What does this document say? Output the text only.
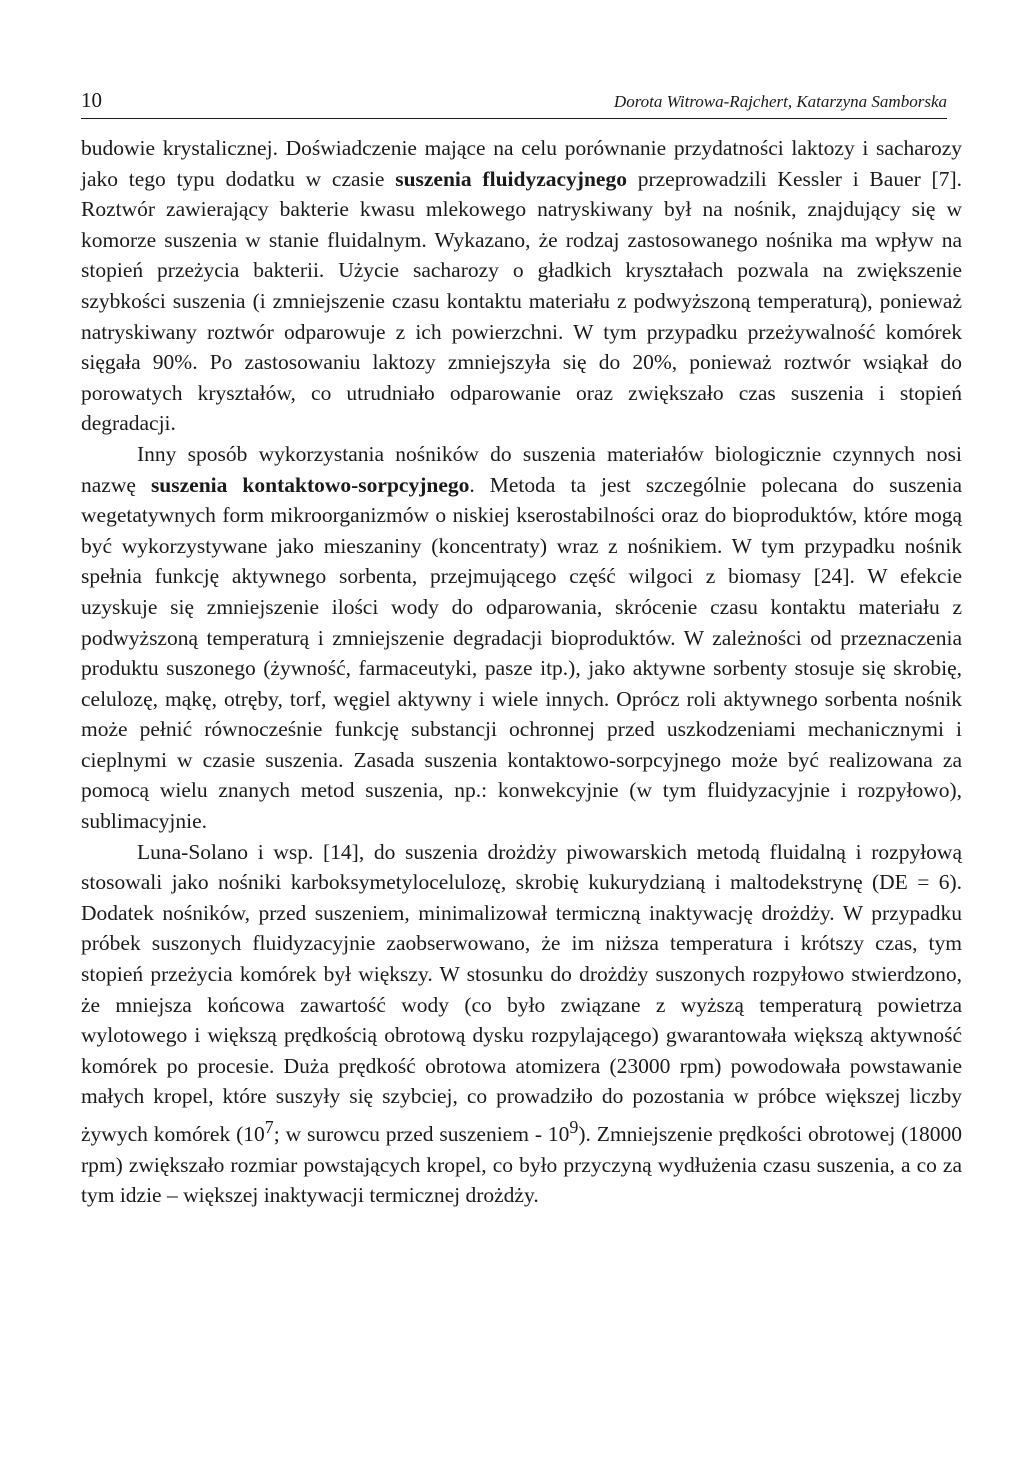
10	Dorota Witrowa-Rajchert, Katarzyna Samborska

budowie krystalicznej. Doświadczenie mające na celu porównanie przydatności laktozy i sacharozy jako tego typu dodatku w czasie suszenia fluidyzacyjnego przeprowadzili Kessler i Bauer [7]. Roztwór zawierający bakterie kwasu mlekowego natryskiwany był na nośnik, znajdujący się w komorze suszenia w stanie fluidalnym. Wykazano, że rodzaj zastosowanego nośnika ma wpływ na stopień przeżycia bakterii. Użycie sacharozy o gładkich kryształach pozwala na zwiększenie szybkości suszenia (i zmniejszenie czasu kontaktu materiału z podwyższoną temperaturą), ponieważ natryskiwany roztwór odparowuje z ich powierzchni. W tym przypadku przeżywalność komórek sięgała 90%. Po zastosowaniu laktozy zmniejszyła się do 20%, ponieważ roztwór wsiąkał do porowatych kryształów, co utrudniało odparowanie oraz zwiększało czas suszenia i stopień degradacji.

Inny sposób wykorzystania nośników do suszenia materiałów biologicznie czynnych nosi nazwę suszenia kontaktowo-sorpcyjnego. Metoda ta jest szczególnie polecana do suszenia wegetatywnych form mikroorganizmów o niskiej kserostabilności oraz do bioproduktów, które mogą być wykorzystywane jako mieszaniny (koncentraty) wraz z nośnikiem. W tym przypadku nośnik spełnia funkcję aktywnego sorbenta, przejmującego część wilgoci z biomasy [24]. W efekcie uzyskuje się zmniejszenie ilości wody do odparowania, skrócenie czasu kontaktu materiału z podwyższoną temperaturą i zmniejszenie degradacji bioproduktów. W zależności od przeznaczenia produktu suszonego (żywność, farmaceutyki, pasze itp.), jako aktywne sorbenty stosuje się skrobię, celulozę, mąkę, otręby, torf, węgiel aktywny i wiele innych. Oprócz roli aktywnego sorbenta nośnik może pełnić równocześnie funkcję substancji ochronnej przed uszkodzeniami mechanicznymi i cieplnymi w czasie suszenia. Zasada suszenia kontaktowo-sorpcyjnego może być realizowana za pomocą wielu znanych metod suszenia, np.: konwekcyjnie (w tym fluidyzacyjnie i rozpyłowo), sublimacyjnie.

Luna-Solano i wsp. [14], do suszenia drożdży piwowarskich metodą fluidalną i rozpyłową stosowali jako nośniki karboksymetylocelulozę, skrobię kukurydzianą i maltodekstrynę (DE = 6). Dodatek nośników, przed suszeniem, minimalizował termiczną inaktywację drożdży. W przypadku próbek suszonych fluidyzacyjnie zaobserwowano, że im niższa temperatura i krótszy czas, tym stopień przeżycia komórek był większy. W stosunku do drożdży suszonych rozpyłowo stwierdzono, że mniejsza końcowa zawartość wody (co było związane z wyższą temperaturą powietrza wylotowego i większą prędkością obrotową dysku rozpylającego) gwarantowała większą aktywność komórek po procesie. Duża prędkość obrotowa atomizera (23000 rpm) powodowała powstawanie małych kropel, które suszyły się szybciej, co prowadziło do pozostania w próbce większej liczby żywych komórek ($10^7$; w surowcu przed suszeniem - $10^9$). Zmniejszenie prędkości obrotowej (18000 rpm) zwiększało rozmiar powstających kropel, co było przyczyną wydłużenia czasu suszenia, a co za tym idzie – większej inaktywacji termicznej drożdży.
